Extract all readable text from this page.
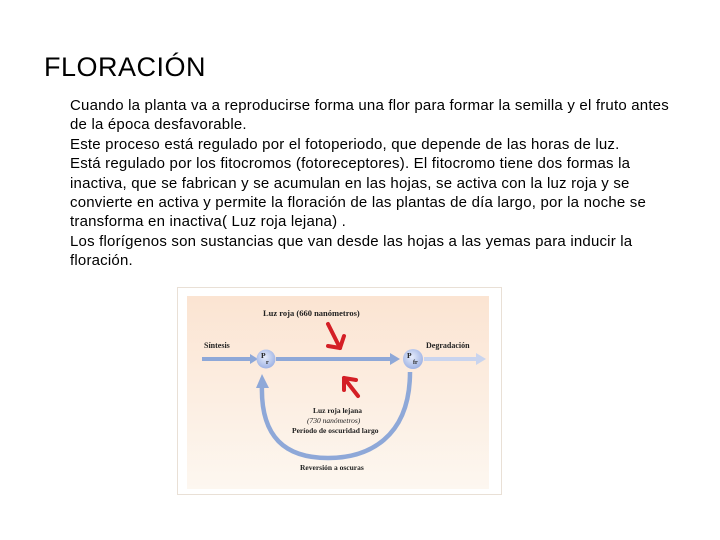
FLORACIÓN

Cuando la planta va a reproducirse forma una flor para formar la semilla y el fruto antes de la época desfavorable.

Este proceso está regulado por el fotoperiodo, que depende de las horas de luz.

Está regulado por los fitocromos (fotoreceptores). El fitocromo tiene dos formas la inactiva, que se fabrican y se acumulan en las hojas, se activa con la luz roja y se convierte en activa y permite la floración de las plantas de día largo, por la noche se transforma en inactiva( Luz roja lejana) .

Los florígenos son sustancias que van desde las hojas a las yemas para inducir la floración.

Luz roja (660 nanómetros)
Síntesis	Degradación
P
r
P
fr
Luz roja lejana
(730 nanómetros)
Período de oscuridad largo
Reversión a oscuras
